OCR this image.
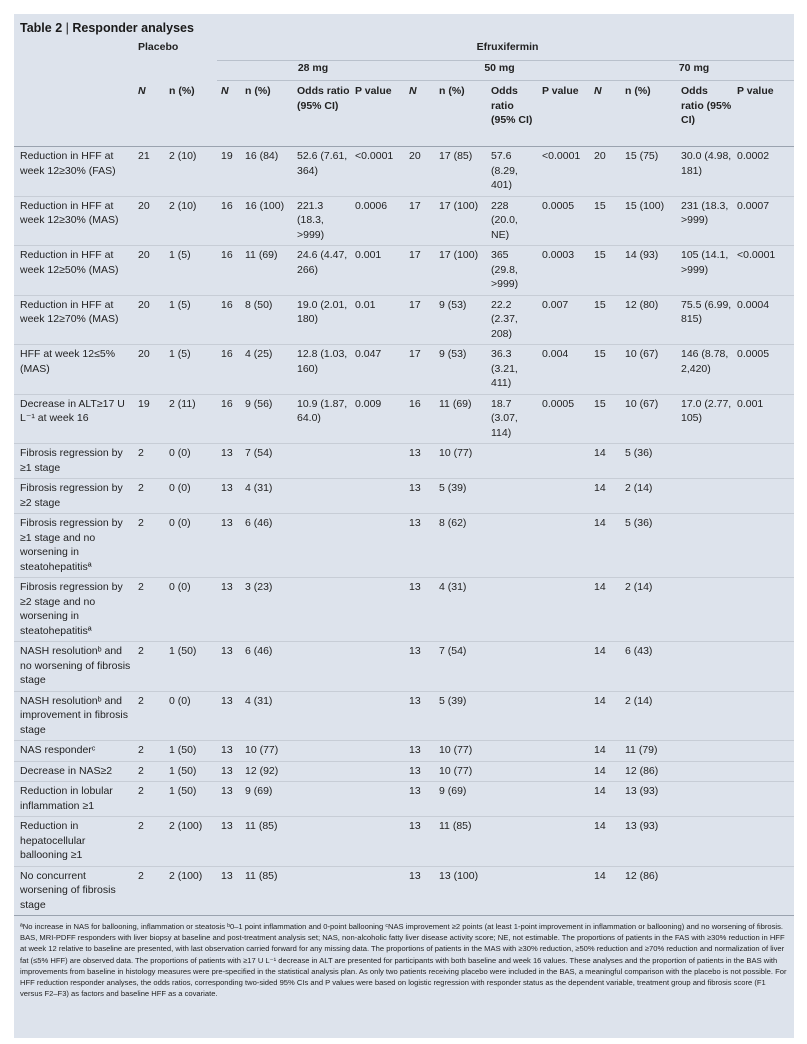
Table 2 | Responder analyses
	Placebo		Efruxifermin											
			28 mg				50 mg				70 mg			
	N	n (%)	N	n (%)	Odds ratio (95% CI)	P value	N	n (%)	Odds ratio (95% CI)	P value	N	n (%)	Odds ratio (95% CI)	P value
Reduction in HFF at week 12≥30% (FAS)	21	2 (10)	19	16 (84)	52.6 (7.61, 364)	<0.0001	20	17 (85)	57.6 (8.29, 401)	<0.0001	20	15 (75)	30.0 (4.98, 181)	0.0002
Reduction in HFF at week 12≥30% (MAS)	20	2 (10)	16	16 (100)	221.3 (18.3, >999)	0.0006	17	17 (100)	228 (20.0, NE)	0.0005	15	15 (100)	231 (18.3, >999)	0.0007
Reduction in HFF at week 12≥50% (MAS)	20	1 (5)	16	11 (69)	24.6 (4.47, 266)	0.001	17	17 (100)	365 (29.8, >999)	0.0003	15	14 (93)	105 (14.1, >999)	<0.0001
Reduction in HFF at week 12≥70% (MAS)	20	1 (5)	16	8 (50)	19.0 (2.01, 180)	0.01	17	9 (53)	22.2 (2.37, 208)	0.007	15	12 (80)	75.5 (6.99, 815)	0.0004
HFF at week 12≤5% (MAS)	20	1 (5)	16	4 (25)	12.8 (1.03, 160)	0.047	17	9 (53)	36.3 (3.21, 411)	0.004	15	10 (67)	146 (8.78, 2,420)	0.0005
Decrease in ALT≥17 U L⁻¹ at week 16	19	2 (11)	16	9 (56)	10.9 (1.87, 64.0)	0.009	16	11 (69)	18.7 (3.07, 114)	0.0005	15	10 (67)	17.0 (2.77, 105)	0.001
Fibrosis regression by ≥1 stage	2	0 (0)	13	7 (54)			13	10 (77)			14	5 (36)		
Fibrosis regression by ≥2 stage	2	0 (0)	13	4 (31)			13	5 (39)			14	2 (14)		
Fibrosis regression by ≥1 stage and no worsening in steatohepatitisª	2	0 (0)	13	6 (46)			13	8 (62)			14	5 (36)		
Fibrosis regression by ≥2 stage and no worsening in steatohepatitisª	2	0 (0)	13	3 (23)			13	4 (31)			14	2 (14)		
NASH resolutionᵇ and no worsening of fibrosis stage	2	1 (50)	13	6 (46)			13	7 (54)			14	6 (43)		
NASH resolutionᵇ and improvement in fibrosis stage	2	0 (0)	13	4 (31)			13	5 (39)			14	2 (14)		
NAS responderᶜ	2	1 (50)	13	10 (77)			13	10 (77)			14	11 (79)		
Decrease in NAS≥2	2	1 (50)	13	12 (92)			13	10 (77)			14	12 (86)		
Reduction in lobular inflammation ≥1	2	1 (50)	13	9 (69)			13	9 (69)			14	13 (93)		
Reduction in hepatocellular ballooning ≥1	2	2 (100)	13	11 (85)			13	11 (85)			14	13 (93)		
No concurrent worsening of fibrosis stage	2	2 (100)	13	11 (85)			13	13 (100)			14	12 (86)		
ªNo increase in NAS for ballooning, inflammation or steatosis ᵇ0–1 point inflammation and 0-point ballooning ᶜNAS improvement ≥2 points (at least 1-point improvement in inflammation or ballooning) and no worsening of fibrosis. BAS, MRI-PDFF responders with liver biopsy at baseline and post-treatment analysis set; NAS, non-alcoholic fatty liver disease activity score; NE, not estimable. The proportions of patients in the FAS with ≥30% reduction in HFF at week 12 relative to baseline are presented, with last observation carried forward for any missing data. The proportions of patients in the MAS with ≥30% reduction, ≥50% reduction and ≥70% reduction and normalization of liver fat (≤5% HFF) are observed data. The proportions of patients with ≥17 U L⁻¹ decrease in ALT are presented for participants with both baseline and week 16 values. These analyses and the proportion of patients in the BAS with improvements from baseline in histology measures were pre-specified in the statistical analysis plan. As only two patients receiving placebo were included in the BAS, a meaningful comparison with the placebo is not possible. For HFF reduction responder analyses, the odds ratios, corresponding two-sided 95% CIs and P values were based on logistic regression with responder status as the dependent variable, treatment group and fibrosis score (F1 versus F2–F3) as factors and baseline HFF as a covariate.
